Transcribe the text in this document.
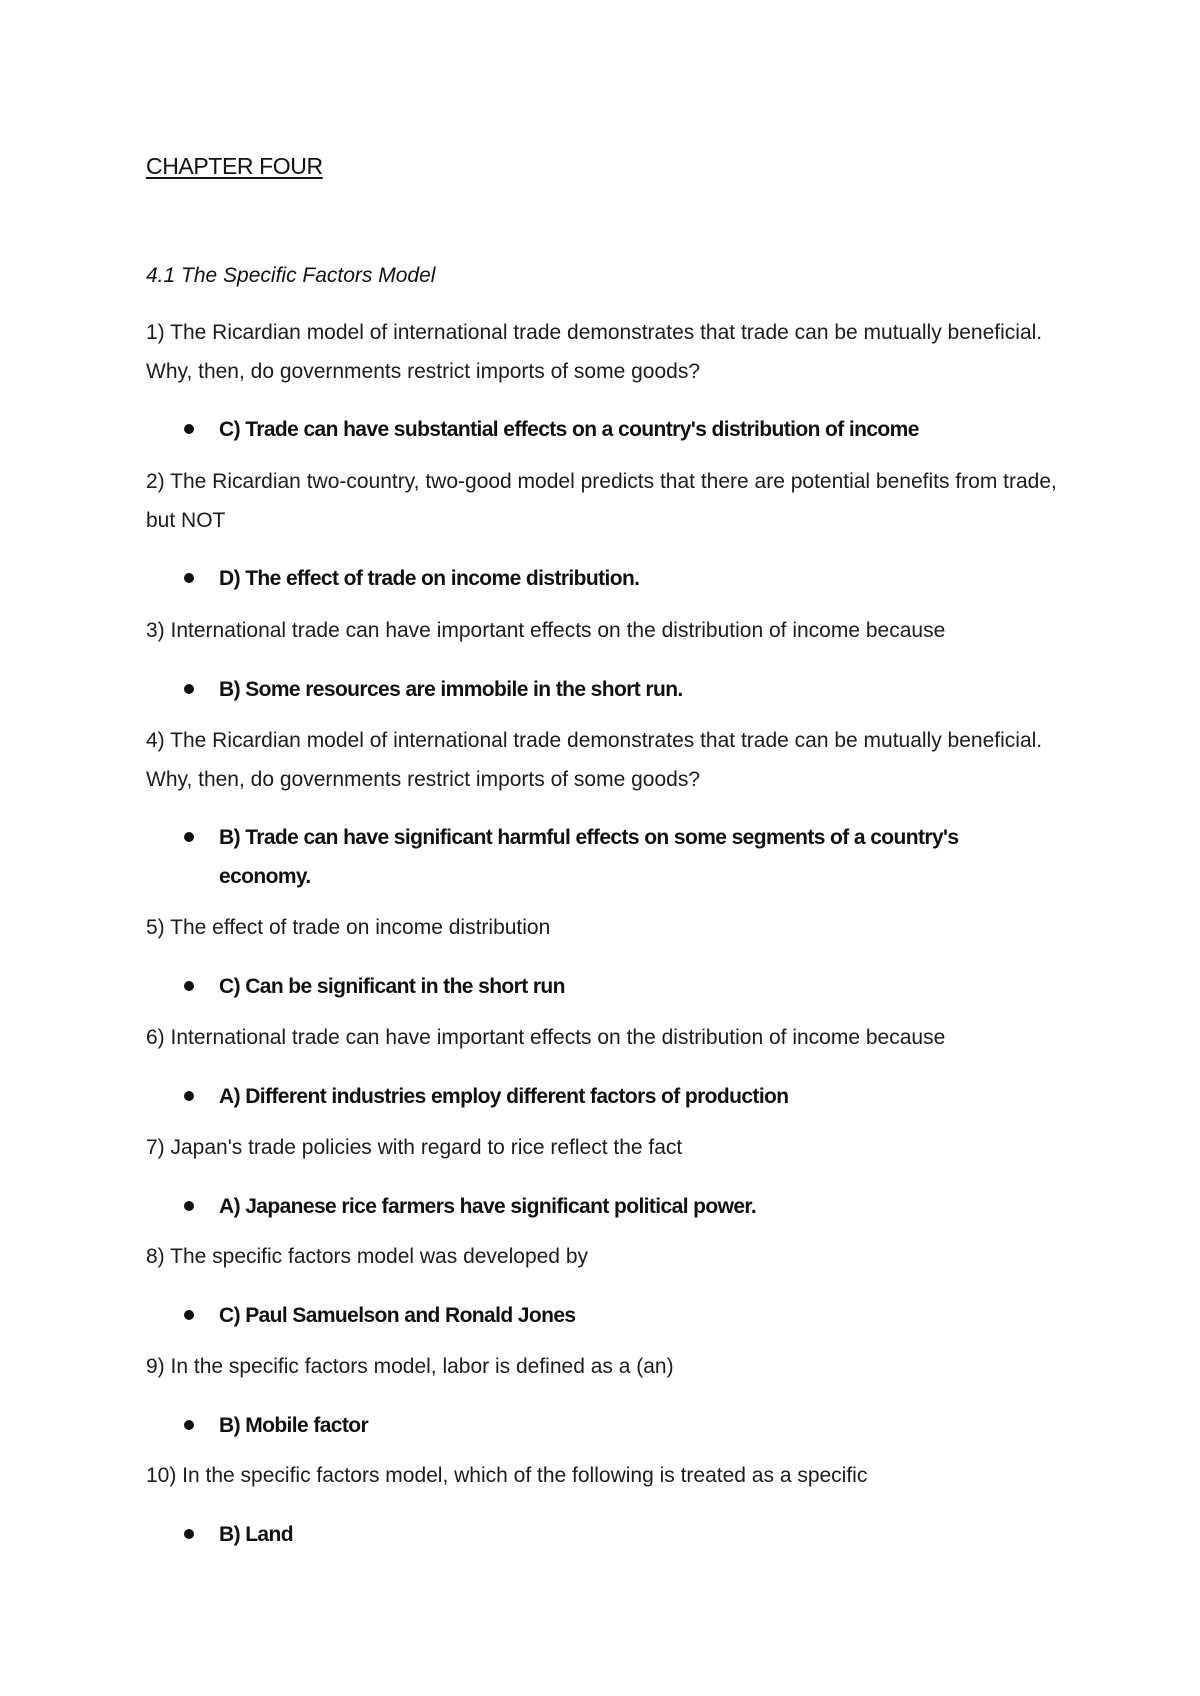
CHAPTER FOUR
4.1 The Specific Factors Model
1) The Ricardian model of international trade demonstrates that trade can be mutually beneficial. Why, then, do governments restrict imports of some goods?
C) Trade can have substantial effects on a country's distribution of income
2) The Ricardian two-country, two-good model predicts that there are potential benefits from trade, but NOT
D) The effect of trade on income distribution.
3) International trade can have important effects on the distribution of income because
B) Some resources are immobile in the short run.
4) The Ricardian model of international trade demonstrates that trade can be mutually beneficial. Why, then, do governments restrict imports of some goods?
B) Trade can have significant harmful effects on some segments of a country's economy.
5) The effect of trade on income distribution
C) Can be significant in the short run
6) International trade can have important effects on the distribution of income because
A) Different industries employ different factors of production
7) Japan's trade policies with regard to rice reflect the fact
A) Japanese rice farmers have significant political power.
8) The specific factors model was developed by
C) Paul Samuelson and Ronald Jones
9) In the specific factors model, labor is defined as a (an)
B) Mobile factor
10) In the specific factors model, which of the following is treated as a specific
B) Land
